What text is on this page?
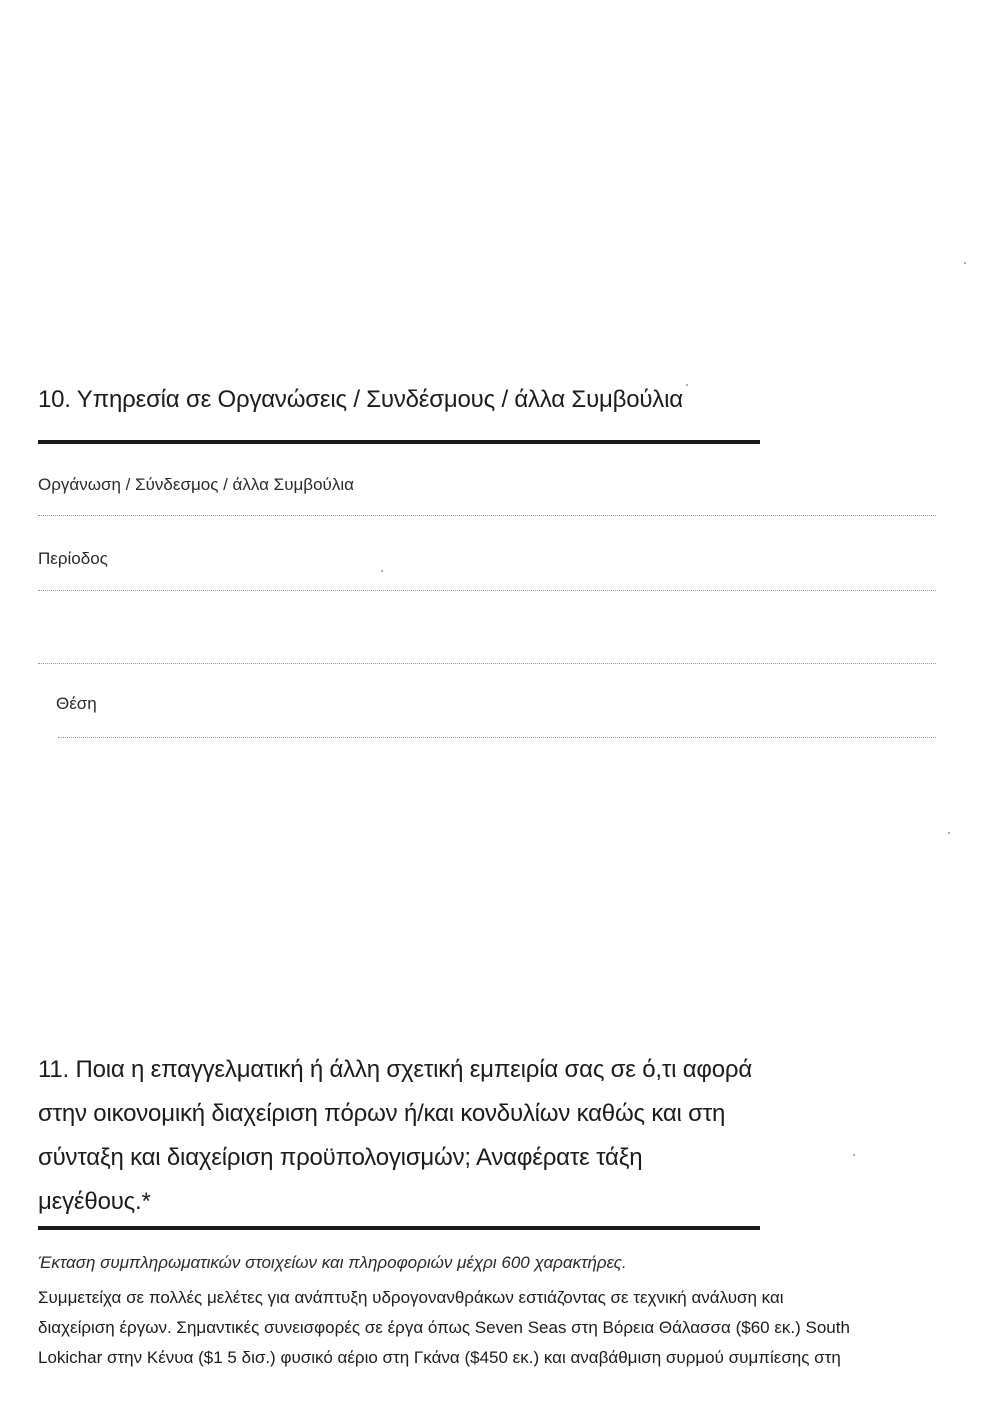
10. Υπηρεσία σε Οργανώσεις / Συνδέσμους / άλλα Συμβούλια
Οργάνωση / Σύνδεσμος / άλλα Συμβούλια
Περίοδος
Θέση
11. Ποια η επαγγελματική ή άλλη σχετική εμπειρία σας σε ό,τι αφορά
στην οικονομική διαχείριση πόρων ή/και κονδυλίων καθώς και στη
σύνταξη και διαχείριση προϋπολογισμών; Αναφέρατε τάξη
μεγέθους.*
Έκταση συμπληρωματικών στοιχείων και πληροφοριών μέχρι 600 χαρακτήρες.
Συμμετείχα σε πολλές μελέτες για ανάπτυξη υδρογονανθράκων εστιάζοντας σε τεχνική ανάλυση και
διαχείριση έργων. Σημαντικές συνεισφορές σε έργα όπως Seven Seas στη Βόρεια Θάλασσα ($60 εκ.) South
Lokichar στην Κένυα ($1 5 δισ.) φυσικό αέριο στη Γκάνα ($450 εκ.) και αναβάθμιση συρμού συμπίεσης στη
